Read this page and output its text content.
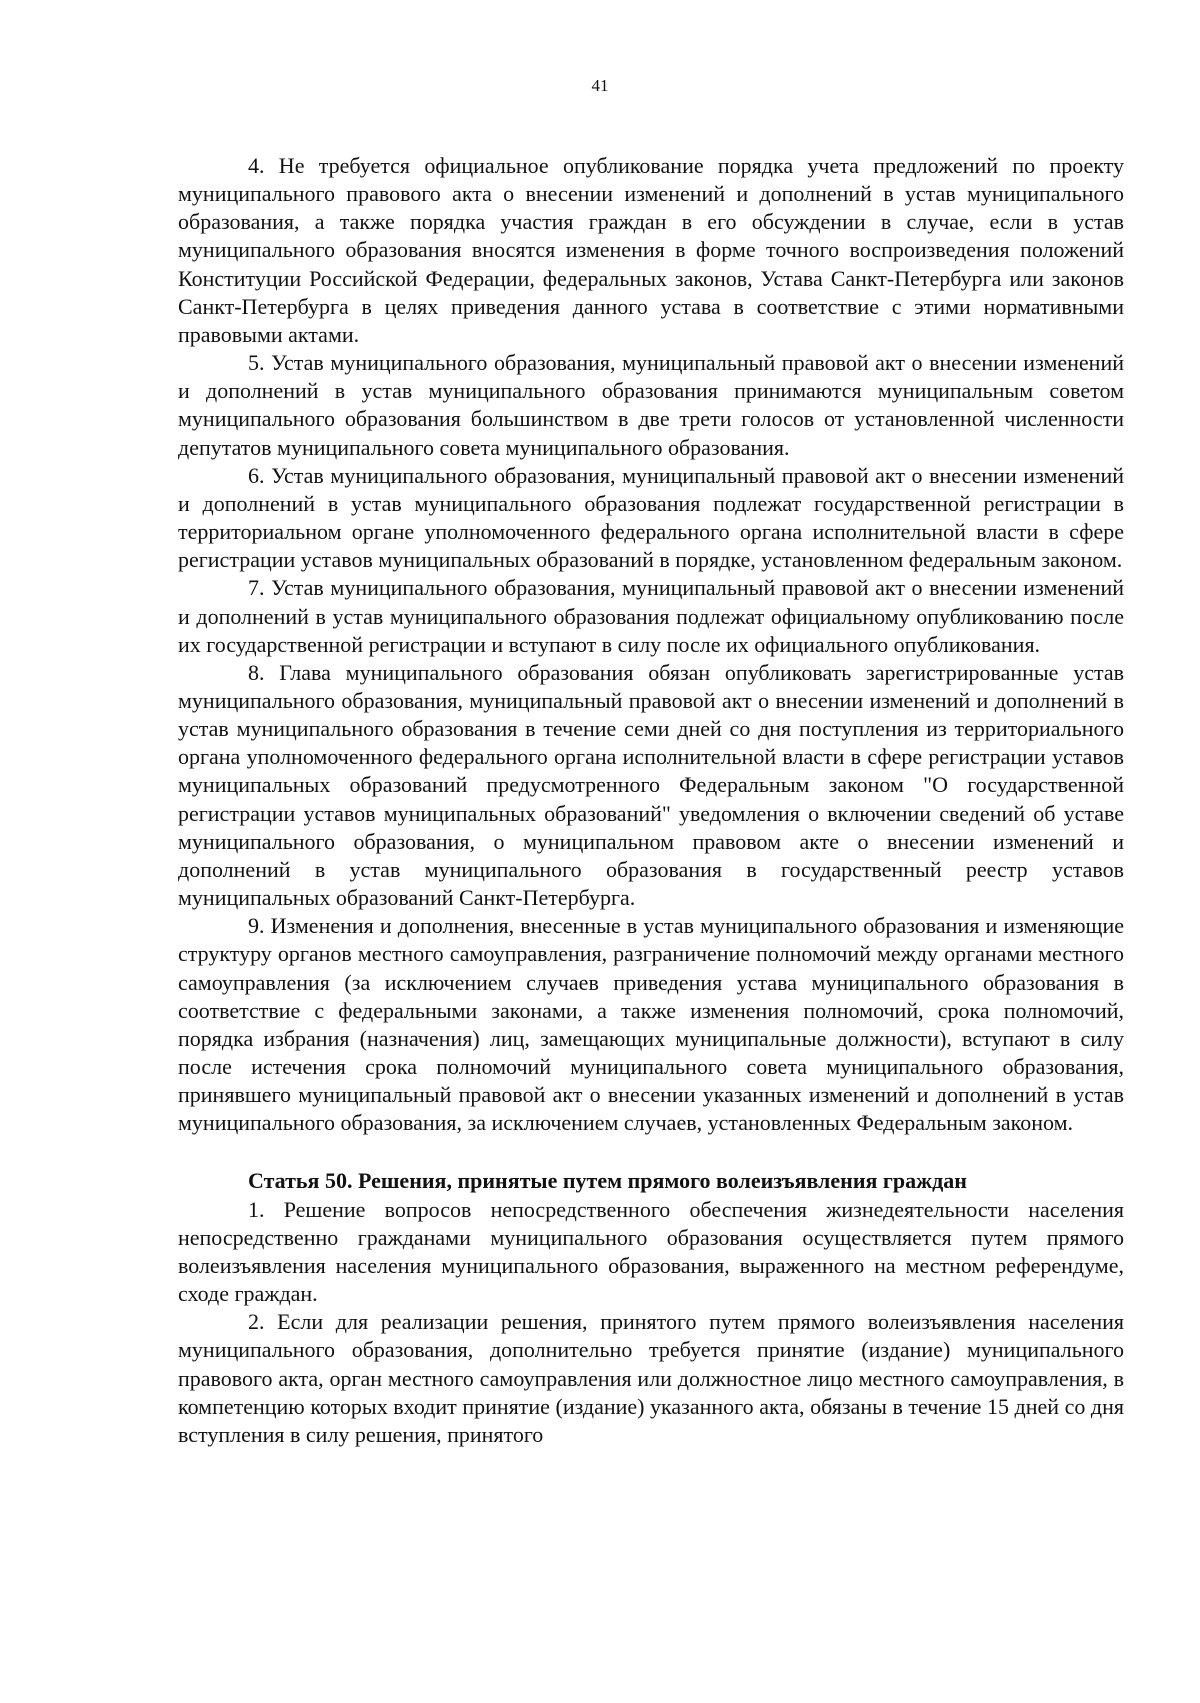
41

4. Не требуется официальное опубликование порядка учета предложений по проекту муниципального правового акта о внесении изменений и дополнений в устав муниципального образования, а также порядка участия граждан в его обсуждении в случае, если в устав муниципального образования вносятся изменения в форме точного воспроизведения положений Конституции Российской Федерации, федеральных законов, Устава Санкт-Петербурга или законов Санкт-Петербурга в целях приведения данного устава в соответствие с этими нормативными правовыми актами.

5. Устав муниципального образования, муниципальный правовой акт о внесении изменений и дополнений в устав муниципального образования принимаются муниципальным советом муниципального образования большинством в две трети голосов от установленной численности депутатов муниципального совета муниципального образования.

6. Устав муниципального образования, муниципальный правовой акт о внесении изменений и дополнений в устав муниципального образования подлежат государственной регистрации в территориальном органе уполномоченного федерального органа исполнительной власти в сфере регистрации уставов муниципальных образований в порядке, установленном федеральным законом.

7. Устав муниципального образования, муниципальный правовой акт о внесении изменений и дополнений в устав муниципального образования подлежат официальному опубликованию после их государственной регистрации и вступают в силу после их официального опубликования.

8. Глава муниципального образования обязан опубликовать зарегистрированные устав муниципального образования, муниципальный правовой акт о внесении изменений и дополнений в устав муниципального образования в течение семи дней со дня поступления из территориального органа уполномоченного федерального органа исполнительной власти в сфере регистрации уставов муниципальных образований предусмотренного Федеральным законом "О государственной регистрации уставов муниципальных образований" уведомления о включении сведений об уставе муниципального образования, о муниципальном правовом акте о внесении изменений и дополнений в устав муниципального образования в государственный реестр уставов муниципальных образований Санкт-Петербурга.

9. Изменения и дополнения, внесенные в устав муниципального образования и изменяющие структуру органов местного самоуправления, разграничение полномочий между органами местного самоуправления (за исключением случаев приведения устава муниципального образования в соответствие с федеральными законами, а также изменения полномочий, срока полномочий, порядка избрания (назначения) лиц, замещающих муниципальные должности), вступают в силу после истечения срока полномочий муниципального совета муниципального образования, принявшего муниципальный правовой акт о внесении указанных изменений и дополнений в устав муниципального образования, за исключением случаев, установленных Федеральным законом.

Статья 50. Решения, принятые путем прямого волеизъявления граждан

1. Решение вопросов непосредственного обеспечения жизнедеятельности населения непосредственно гражданами муниципального образования осуществляется путем прямого волеизъявления населения муниципального образования, выраженного на местном референдуме, сходе граждан.

2. Если для реализации решения, принятого путем прямого волеизъявления населения муниципального образования, дополнительно требуется принятие (издание) муниципального правового акта, орган местного самоуправления или должностное лицо местного самоуправления, в компетенцию которых входит принятие (издание) указанного акта, обязаны в течение 15 дней со дня вступления в силу решения, принятого
